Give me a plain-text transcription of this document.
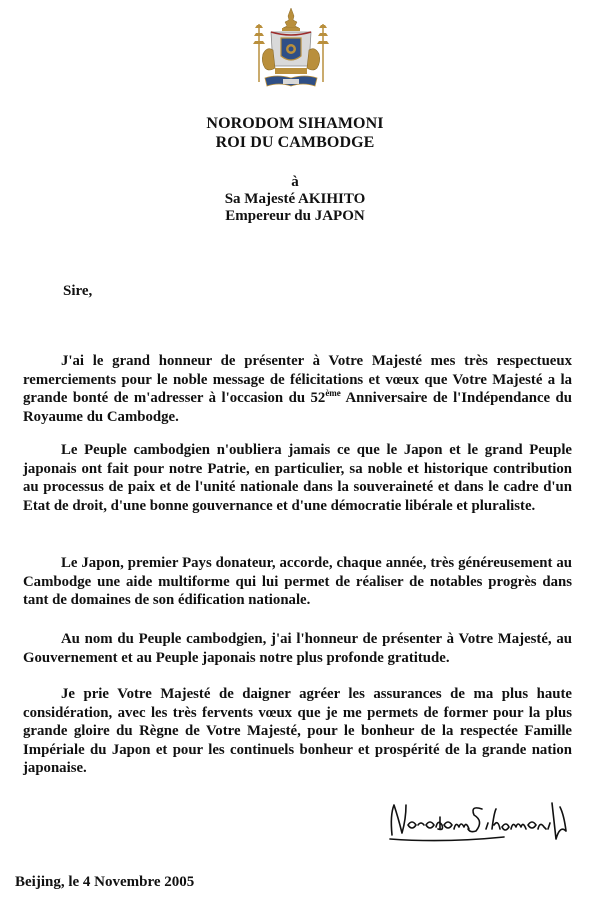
NORODOM SIHAMONI
ROI DU CAMBODGE
à
Sa Majesté AKIHITO
Empereur du JAPON
Sire,

J'ai le grand honneur de présenter à Votre Majesté mes très respectueux remerciements pour le noble message de félicitations et vœux que Votre Majesté a la grande bonté de m'adresser à l'occasion du 52ème Anniversaire de l'Indépendance du Royaume du Cambodge.

Le Peuple cambodgien n'oubliera jamais ce que le Japon et le grand Peuple japonais ont fait pour notre Patrie, en particulier, sa noble et historique contribution au processus de paix et de l'unité nationale dans la souveraineté et dans le cadre d'un Etat de droit, d'une bonne gouvernance et d'une démocratie libérale et pluraliste.

Le Japon, premier Pays donateur, accorde, chaque année, très généreusement au Cambodge une aide multiforme qui lui permet de réaliser de notables progrès dans tant de domaines de son édification nationale.

Au nom du Peuple cambodgien, j'ai l'honneur de présenter à Votre Majesté, au Gouvernement et au Peuple japonais notre plus profonde gratitude.

Je prie Votre Majesté de daigner agréer les assurances de ma plus haute considération, avec les très fervents vœux que je me permets de former pour la plus grande gloire du Règne de Votre Majesté, pour le bonheur de la respectée Famille Impériale du Japon et pour les continuels bonheur et prospérité de la grande nation japonaise.

Beijing, le 4 Novembre 2005
